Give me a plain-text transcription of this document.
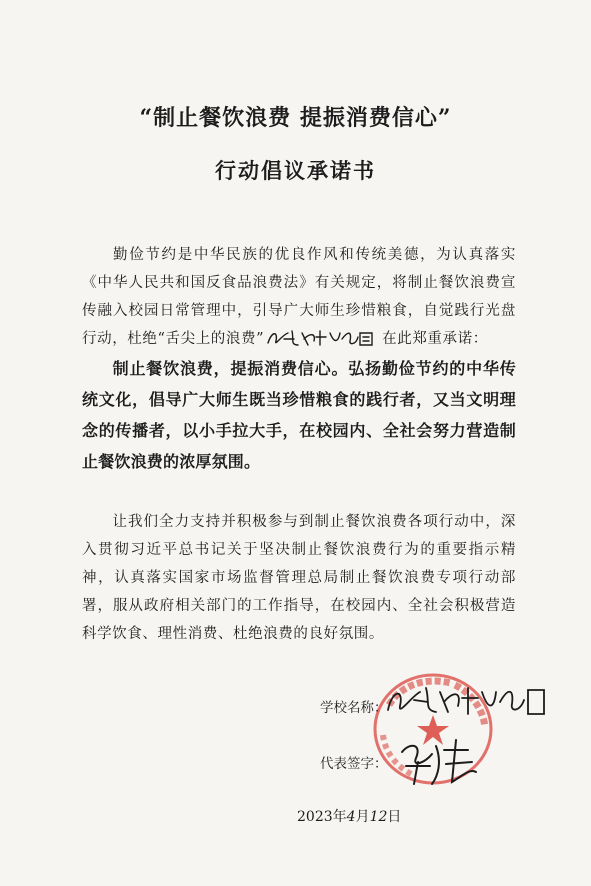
“制止餐饮浪费 提振消费信心”
行动倡议承诺书

勤俭节约是中华民族的优良作风和传统美德，为认真落实《中华人民共和国反食品浪费法》有关规定，将制止餐饮浪费宣传融入校园日常管理中，引导广大师生珍惜粮食，自觉践行光盘行动，杜绝“舌尖上的浪费”	在此郑重承诺：

制止餐饮浪费，提振消费信心。弘扬勤俭节约的中华传统文化，倡导广大师生既当珍惜粮食的践行者，又当文明理念的传播者，以小手拉大手，在校园内、全社会努力营造制止餐饮浪费的浓厚氛围。

让我们全力支持并积极参与到制止餐饮浪费各项行动中，深入贯彻习近平总书记关于坚决制止餐饮浪费行为的重要指示精神，认真落实国家市场监督管理总局制止餐饮浪费专项行动部署，服从政府相关部门的工作指导，在校园内、全社会积极营造科学饮食、理性消费、杜绝浪费的良好氛围。

学校名称：
代表签字：
2023年4月12日
